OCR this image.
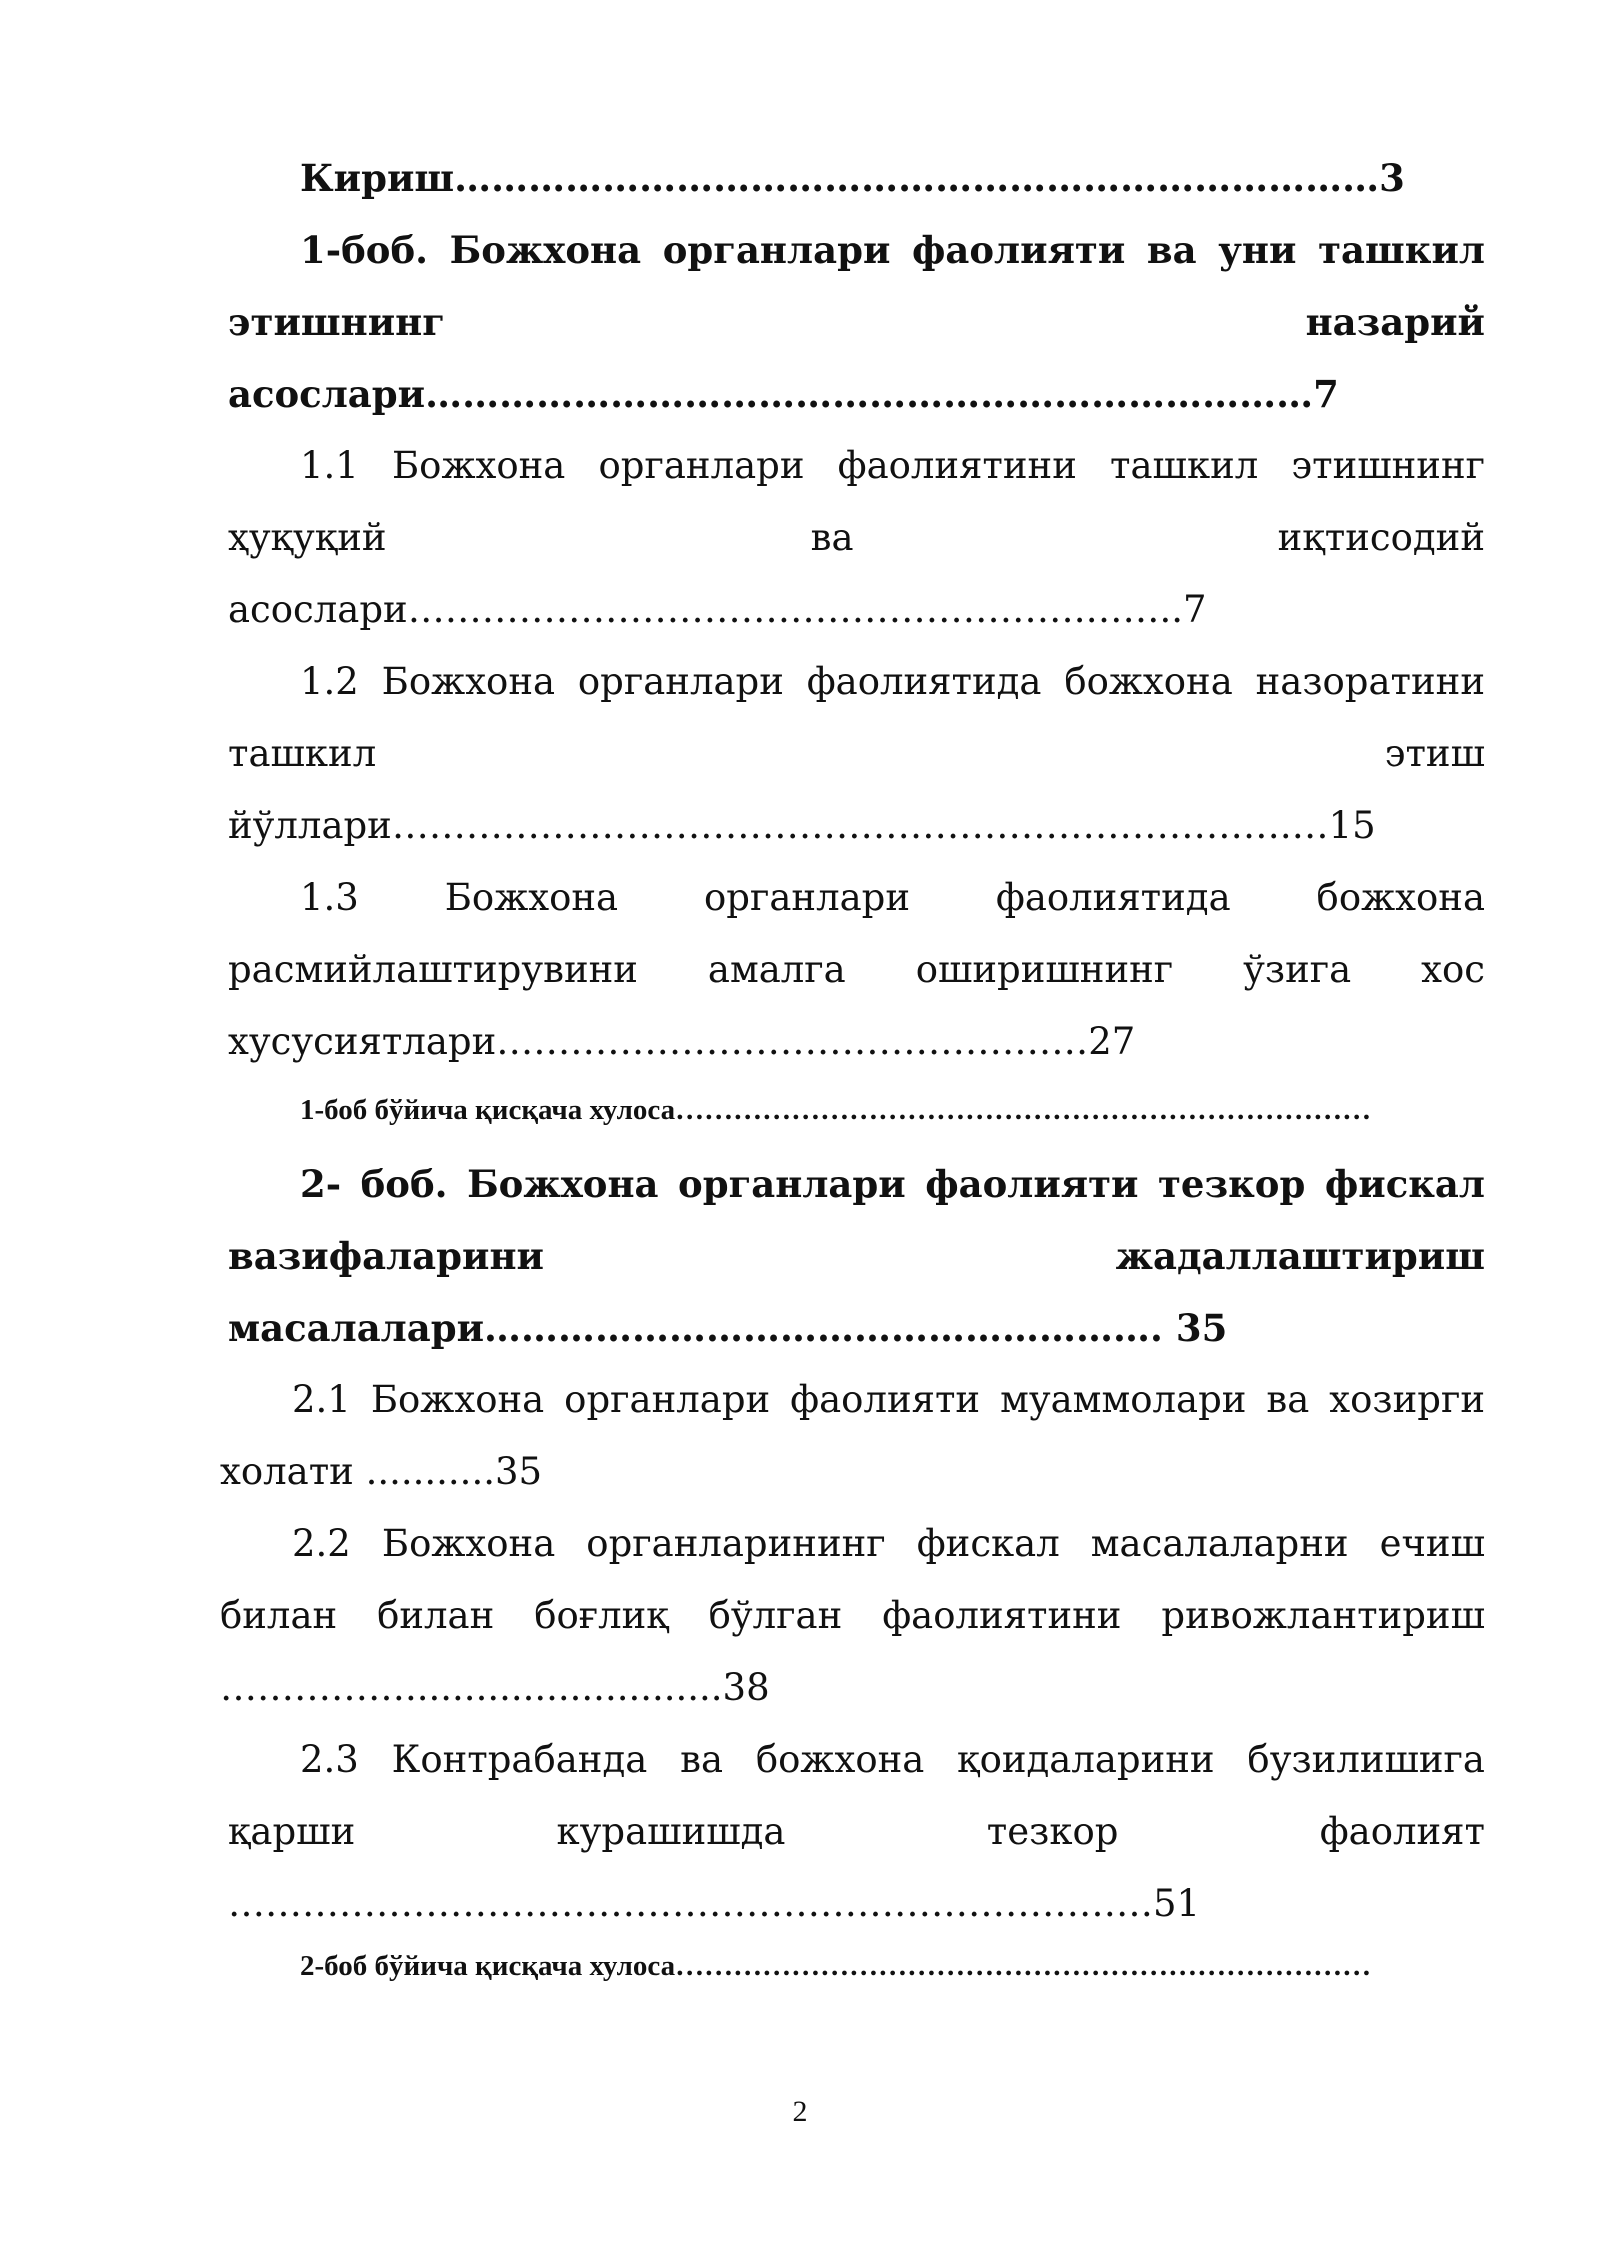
Кириш…………………………………………………………………3

1-боб. Божхона органлари фаолияти ва уни ташкил этишнинг назарий асослари………………………………………………………………7

1.1 Божхона органлари фаолиятини ташкил этишнинг ҳуқуқий ва иқтисодий асослари……………………………………………….……..7

1.2 Божхона органлари фаолиятида божхона назоратини ташкил этиш йўллари……………………………………………………………….…15

1.3 Божхона органлари фаолиятида божхона расмийлаштирувини амалга оширишнинг ўзига хос хусусиятлари…………………………………………27

1-боб бўйича қисқача хулоса………………………………………………………………

2- боб. Божхона органлари фаолияти тезкор фискал вазифаларини жадаллаштириш масалалари………………………………………………. 35

2.1 Божхона органлари фаолияти муаммолари ва хозирги холати ...........35

2.2 Божхона органларининг фискал масалаларни ечиш билан билан боғлиқ бўлган фаолиятини ривожлантириш ……………...........................38

2.3 Контрабанда ва божхона қоидаларини бузилишига қарши курашишда тезкор фаолият …………………………………………………………………51

2-боб бўйича қисқача хулоса………………………………………………………………

2
